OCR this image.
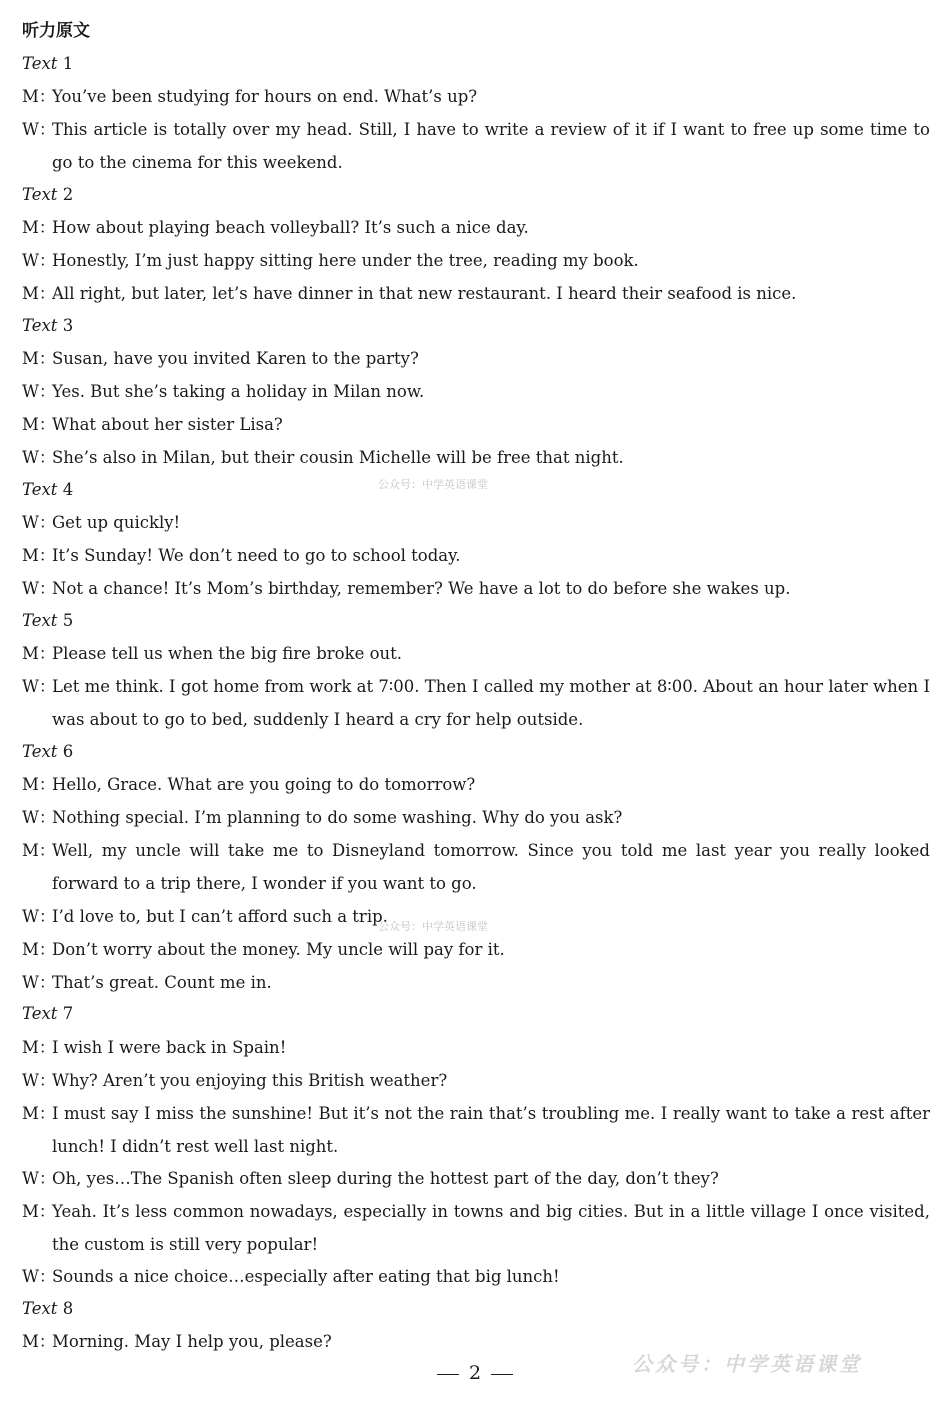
听力原文
Text 1
M：
You’ve been studying for hours on end. What’s up?
W：
This article is totally over my head. Still, I have to write a review of it if I want to free up some time to go to the cinema for this weekend.
Text 2
M：
How about playing beach volleyball? It’s such a nice day.
W：
Honestly, I’m just happy sitting here under the tree, reading my book.
M：
All right, but later, let’s have dinner in that new restaurant. I heard their seafood is nice.
Text 3
M：
Susan, have you invited Karen to the party?
W：
Yes. But she’s taking a holiday in Milan now.
M：
What about her sister Lisa?
W：
She’s also in Milan, but their cousin Michelle will be free that night.
Text 4	公众号：中学英语课堂
W：
Get up quickly!
M：
It’s Sunday! We don’t need to go to school today.
W：
Not a chance! It’s Mom’s birthday, remember? We have a lot to do before she wakes up.
Text 5
M：
Please tell us when the big fire broke out.
W：
Let me think. I got home from work at 7∶00. Then I called my mother at 8∶00. About an hour later when I was about to go to bed, suddenly I heard a cry for help outside.
Text 6
M：
Hello, Grace. What are you going to do tomorrow?
W：
Nothing special. I’m planning to do some washing. Why do you ask?
M：
Well, my uncle will take me to Disneyland tomorrow. Since you told me last year you really looked forward to a trip there, I wonder if you want to go.
W：
I’d love to, but I can’t afford such a trip.
公众号：中学英语课堂
M：
Don’t worry about the money. My uncle will pay for it.
W：
That’s great. Count me in.
Text 7
M：
I wish I were back in Spain!
W：
Why? Aren’t you enjoying this British weather?
M：
I must say I miss the sunshine! But it’s not the rain that’s troubling me. I really want to take a rest after lunch! I didn’t rest well last night.
W：
Oh, yes…The Spanish often sleep during the hottest part of the day, don’t they?
M：
Yeah. It’s less common nowadays, especially in towns and big cities. But in a little village I once visited, the custom is still very popular!
W：
Sounds a nice choice…especially after eating that big lunch!
Text 8
M：
Morning. May I help you, please?
2	公众号：中学英语课堂
